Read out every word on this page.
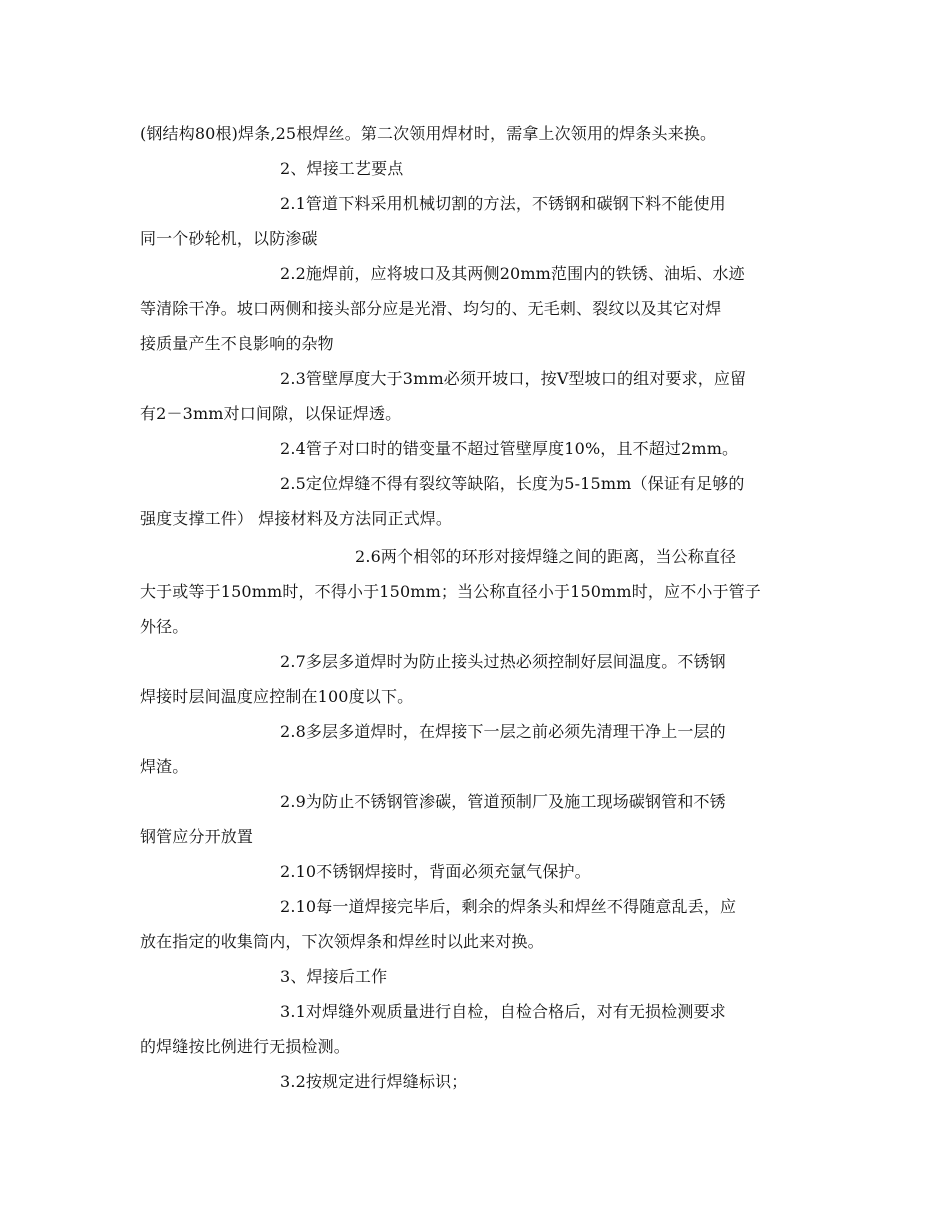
(钢结构80根)焊条,25根焊丝。第二次领用焊材时，需拿上次领用的焊条头来换。
2、焊接工艺要点
2.1管道下料采用机械切割的方法，不锈钢和碳钢下料不能使用
同一个砂轮机，以防渗碳
2.2施焊前，应将坡口及其两侧20mm范围内的铁锈、油垢、水迹
等清除干净。坡口两侧和接头部分应是光滑、均匀的、无毛刺、裂纹以及其它对焊
接质量产生不良影响的杂物
2.3管壁厚度大于3mm必须开坡口，按V型坡口的组对要求，应留
有2－3mm对口间隙，以保证焊透。
2.4管子对口时的错变量不超过管壁厚度10%，且不超过2mm。
2.5定位焊缝不得有裂纹等缺陷，长度为5-15mm（保证有足够的
强度支撑工件） 焊接材料及方法同正式焊。
2.6两个相邻的环形对接焊缝之间的距离，当公称直径
大于或等于150mm时，不得小于150mm；当公称直径小于150mm时，应不小于管子
外径。
2.7多层多道焊时为防止接头过热必须控制好层间温度。不锈钢
焊接时层间温度应控制在100度以下。
2.8多层多道焊时，在焊接下一层之前必须先清理干净上一层的
焊渣。
2.9为防止不锈钢管渗碳，管道预制厂及施工现场碳钢管和不锈
钢管应分开放置
2.10不锈钢焊接时，背面必须充氩气保护。
2.10每一道焊接完毕后，剩余的焊条头和焊丝不得随意乱丢，应
放在指定的收集筒内，下次领焊条和焊丝时以此来对换。
3、焊接后工作
3.1对焊缝外观质量进行自检，自检合格后，对有无损检测要求
的焊缝按比例进行无损检测。
3.2按规定进行焊缝标识；
